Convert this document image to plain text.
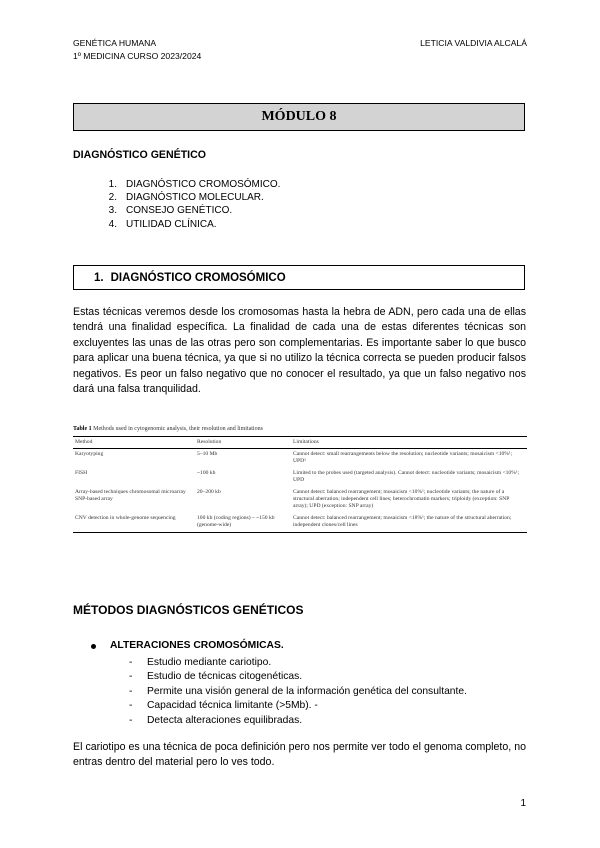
GENÉTICA HUMANA
1º MEDICINA CURSO 2023/2024
LETICIA VALDIVIA ALCALÁ
MÓDULO 8
DIAGNÓSTICO GENÉTICO
1. DIAGNÓSTICO CROMOSÓMICO.
2. DIAGNÓSTICO MOLECULAR.
3. CONSEJO GENÉTICO.
4. UTILIDAD CLÍNICA.
1. DIAGNÓSTICO CROMOSÓMICO
Estas técnicas veremos desde los cromosomas hasta la hebra de ADN, pero cada una de ellas tendrá una finalidad específica. La finalidad de cada una de estas diferentes técnicas son excluyentes las unas de las otras pero son complementarias. Es importante saber lo que busco para aplicar una buena técnica, ya que si no utilizo la técnica correcta se pueden producir falsos negativos. Es peor un falso negativo que no conocer el resultado, ya que un falso negativo nos dará una falsa tranquilidad.
Table 1 Methods used in cytogenomic analysis, their resolution and limitations
Method	Resolution	Limitations
Karyotyping	5–10 Mb	Cannot detect: small rearrangements below the resolution; nucleotide variants; mosaicism <10%¹; UPD²
FISH	~100 kb	Limited to the probes used (targeted analysis). Cannot detect: nucleotide variants; mosaicism <10%¹; UPD
Array-based techniques chromosomal microarray SNP-based array	20–200 kb	Cannot detect: balanced rearrangement; mosaicism <10%¹; nucleotide variants; the nature of a structural aberration; independent cell lines; heterochromatin markers; triploidy (exception: SNP array); UPD (exception: SNP array)
CNV detection in whole-genome sequencing	100 kb (coding regions) – ~150 kb (genome-wide)	Cannot detect: balanced rearrangement; mosaicism <18%¹; the nature of the structural aberration; independent clones/cell lines
MÉTODOS DIAGNÓSTICOS GENÉTICOS
ALTERACIONES CROMOSÓMICAS.
-	Estudio mediante cariotipo.
-	Estudio de técnicas citogenéticas.
-	Permite una visión general de la información genética del consultante.
-	Capacidad técnica limitante (>5Mb). -
-	Detecta alteraciones equilibradas.
El cariotipo es una técnica de poca definición pero nos permite ver todo el genoma completo, no entras dentro del material pero lo ves todo.
1
